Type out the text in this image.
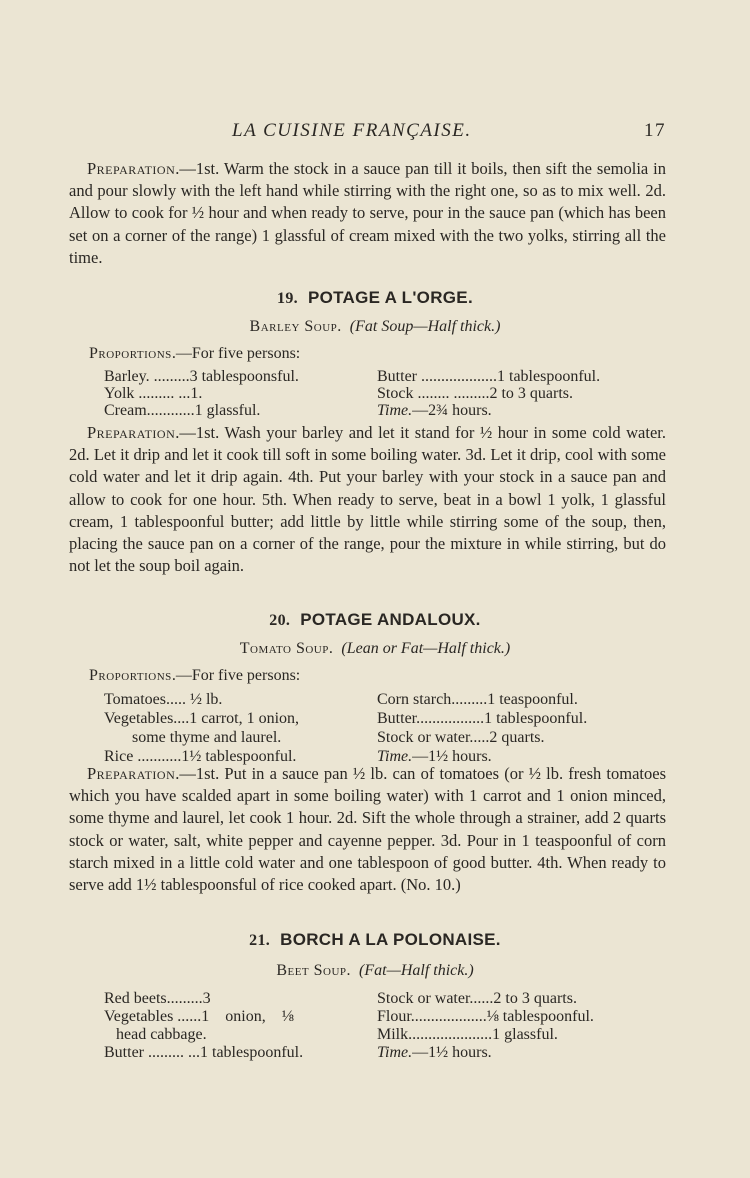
LA CUISINE FRANÇAISE.	17
Preparation.—1st. Warm the stock in a sauce pan till it boils, then sift the semolia in and pour slowly with the left hand while stirring with the right one, so as to mix well. 2d. Allow to cook for ½ hour and when ready to serve, pour in the sauce pan (which has been set on a corner of the range) 1 glassful of cream mixed with the two yolks, stirring all the time.
19. POTAGE A L'ORGE.
Barley Soup. (Fat Soup—Half thick.)
Proportions.—For five persons:
Barley. .........3 tablespoonsful.
Yolk ......... ...1.
Cream............1 glassful.
Butter ...................1 tablespoonful.
Stock ........ .........2 to 3 quarts.
Time.—2¾ hours.
Preparation.—1st. Wash your barley and let it stand for ½ hour in some cold water. 2d. Let it drip and let it cook till soft in some boiling water. 3d. Let it drip, cool with some cold water and let it drip again. 4th. Put your barley with your stock in a sauce pan and allow to cook for one hour. 5th. When ready to serve, beat in a bowl 1 yolk, 1 glassful cream, 1 tablespoonful butter; add little by little while stirring some of the soup, then, placing the sauce pan on a corner of the range, pour the mixture in while stirring, but do not let the soup boil again.
20. POTAGE ANDALOUX.
Tomato Soup. (Lean or Fat—Half thick.)
Proportions.—For five persons:
Tomatoes..... ½ lb.
Vegetables....1 carrot, 1 onion,
some thyme and laurel.
Rice ...........1½ tablespoonful.
Corn starch.........1 teaspoonful.
Butter.................1 tablespoonful.
Stock or water.....2 quarts.
Time.—1½ hours.
Preparation.—1st. Put in a sauce pan ½ lb. can of tomatoes (or ½ lb. fresh tomatoes which you have scalded apart in some boiling water) with 1 carrot and 1 onion minced, some thyme and laurel, let cook 1 hour. 2d. Sift the whole through a strainer, add 2 quarts stock or water, salt, white pepper and cayenne pepper. 3d. Pour in 1 teaspoonful of corn starch mixed in a little cold water and one tablespoon of good butter. 4th. When ready to serve add 1½ tablespoonsful of rice cooked apart. (No. 10.)
21. BORCH A LA POLONAISE.
Beet Soup. (Fat—Half thick.)
Red beets.........3
Vegetables ......1    onion,    ⅛
head cabbage.
Butter ......... ...1 tablespoonful.
Stock or water......2 to 3 quarts.
Flour...................⅛ tablespoonful.
Milk.....................1 glassful.
Time.—1½ hours.
